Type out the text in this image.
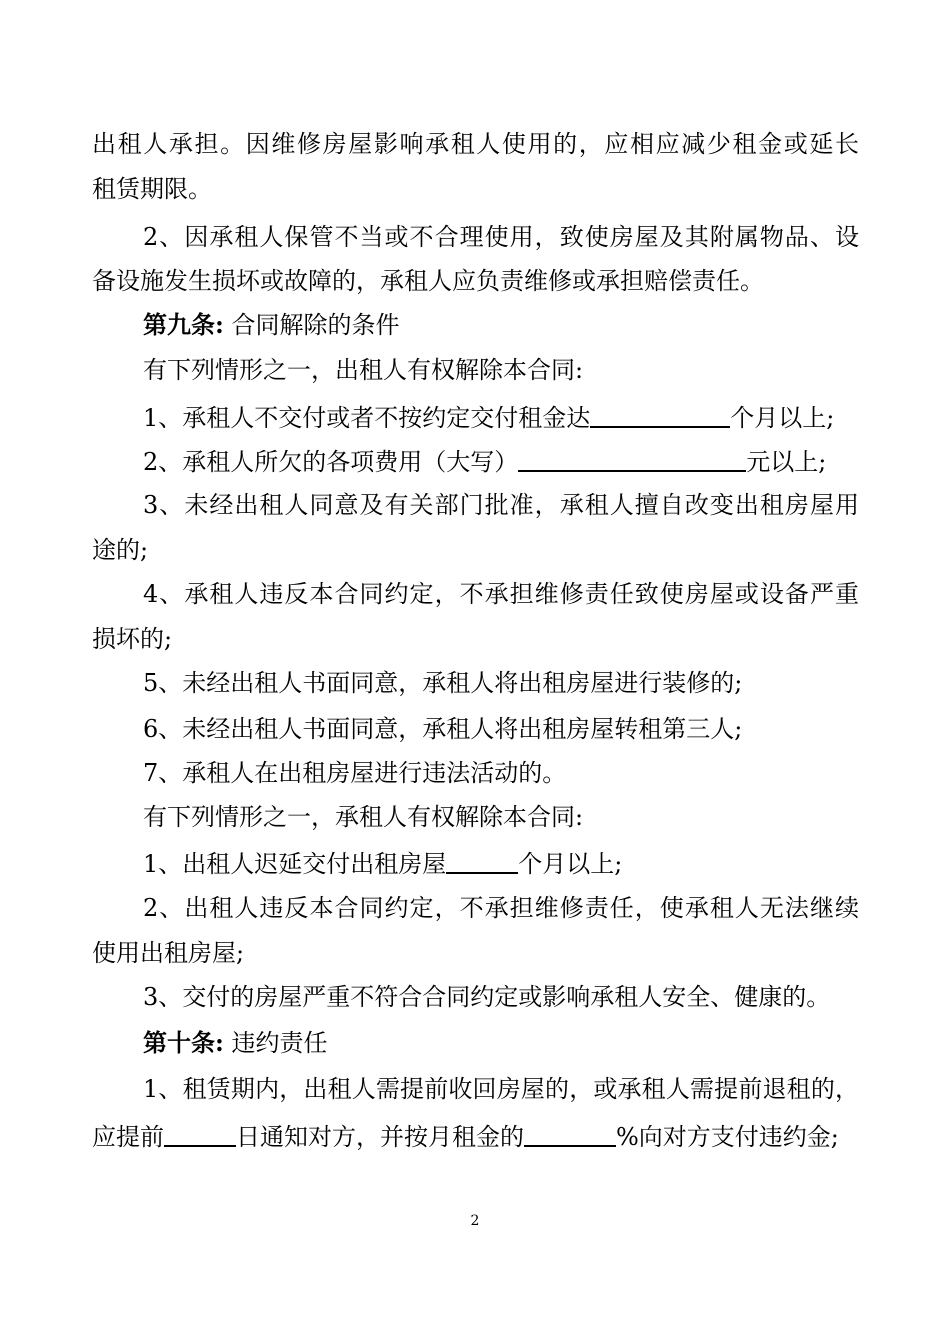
出租人承担。因维修房屋影响承租人使用的，应相应减少租金或延长
租赁期限。
2、因承租人保管不当或不合理使用，致使房屋及其附属物品、设
备设施发生损坏或故障的，承租人应负责维修或承担赔偿责任。
第九条: 合同解除的条件
有下列情形之一，出租人有权解除本合同:
1、承租人不交付或者不按约定交付租金达	个月以上;
2、承租人所欠的各项费用（大写）	元以上;
3、未经出租人同意及有关部门批准，承租人擅自改变出租房屋用
途的;
4、承租人违反本合同约定，不承担维修责任致使房屋或设备严重
损坏的;
5、未经出租人书面同意，承租人将出租房屋进行装修的;
6、未经出租人书面同意，承租人将出租房屋转租第三人;
7、承租人在出租房屋进行违法活动的。
有下列情形之一，承租人有权解除本合同:
1、出租人迟延交付出租房屋	个月以上;
2、出租人违反本合同约定，不承担维修责任，使承租人无法继续
使用出租房屋;
3、交付的房屋严重不符合合同约定或影响承租人安全、健康的。
第十条: 违约责任
1、租赁期内，出租人需提前收回房屋的，或承租人需提前退租的，
应提前	日通知对方，并按月租金的	%向对方支付违约金;
2
